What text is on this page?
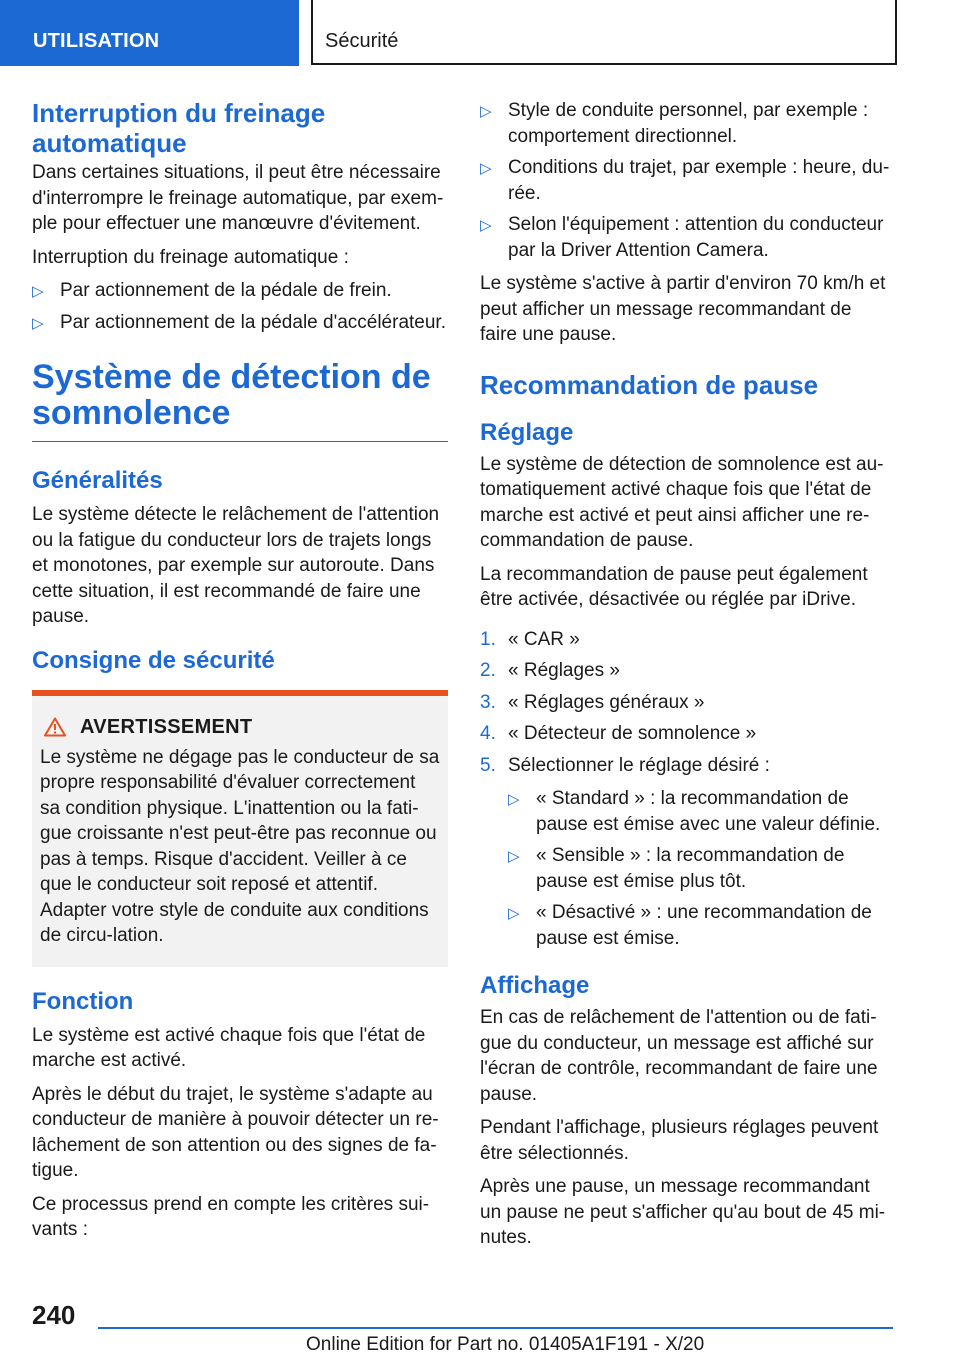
UTILISATION	Sécurité
Interruption du freinage automatique

Dans certaines situations, il peut être nécessaire d'interrompre le freinage automatique, par exem-ple pour effectuer une manœuvre d'évitement.

Interruption du freinage automatique :

▷ Par actionnement de la pédale de frein.
▷ Par actionnement de la pédale d'accélérateur.
Système de détection de somnolence
Généralités

Le système détecte le relâchement de l'attention ou la fatigue du conducteur lors de trajets longs et monotones, par exemple sur autoroute. Dans cette situation, il est recommandé de faire une pause.

Consigne de sécurité
AVERTISSEMENT

Le système ne dégage pas le conducteur de sa propre responsabilité d'évaluer correctement sa condition physique. L'inattention ou la fati-gue croissante n'est peut-être pas reconnue ou pas à temps. Risque d'accident. Veiller à ce que le conducteur soit reposé et attentif. Adapter votre style de conduite aux conditions de circu-lation.

Fonction

Le système est activé chaque fois que l'état de marche est activé.

Après le début du trajet, le système s'adapte au conducteur de manière à pouvoir détecter un re-lâchement de son attention ou des signes de fa-tigue.

Ce processus prend en compte les critères sui-vants :

▷ Style de conduite personnel, par exemple : comportement directionnel.
▷ Conditions du trajet, par exemple : heure, du-rée.
▷ Selon l'équipement : attention du conducteur par la Driver Attention Camera.

Le système s'active à partir d'environ 70 km/h et peut afficher un message recommandant de faire une pause.

Recommandation de pause
Réglage

Le système de détection de somnolence est au-tomatiquement activé chaque fois que l'état de marche est activé et peut ainsi afficher une re-commandation de pause.

La recommandation de pause peut également être activée, désactivée ou réglée par iDrive.

1. « CAR »
2. « Réglages »
3. « Réglages généraux »
4. « Détecteur de somnolence »
5. Sélectionner le réglage désiré :
▷ « Standard » : la recommandation de pause est émise avec une valeur définie.
▷ « Sensible » : la recommandation de pause est émise plus tôt.
▷ « Désactivé » : une recommandation de pause est émise.
Affichage

En cas de relâchement de l'attention ou de fati-gue du conducteur, un message est affiché sur l'écran de contrôle, recommandant de faire une pause.

Pendant l'affichage, plusieurs réglages peuvent être sélectionnés.

Après une pause, un message recommandant un pause ne peut s'afficher qu'au bout de 45 mi-nutes.

240
Online Edition for Part no. 01405A1F191 - X/20
